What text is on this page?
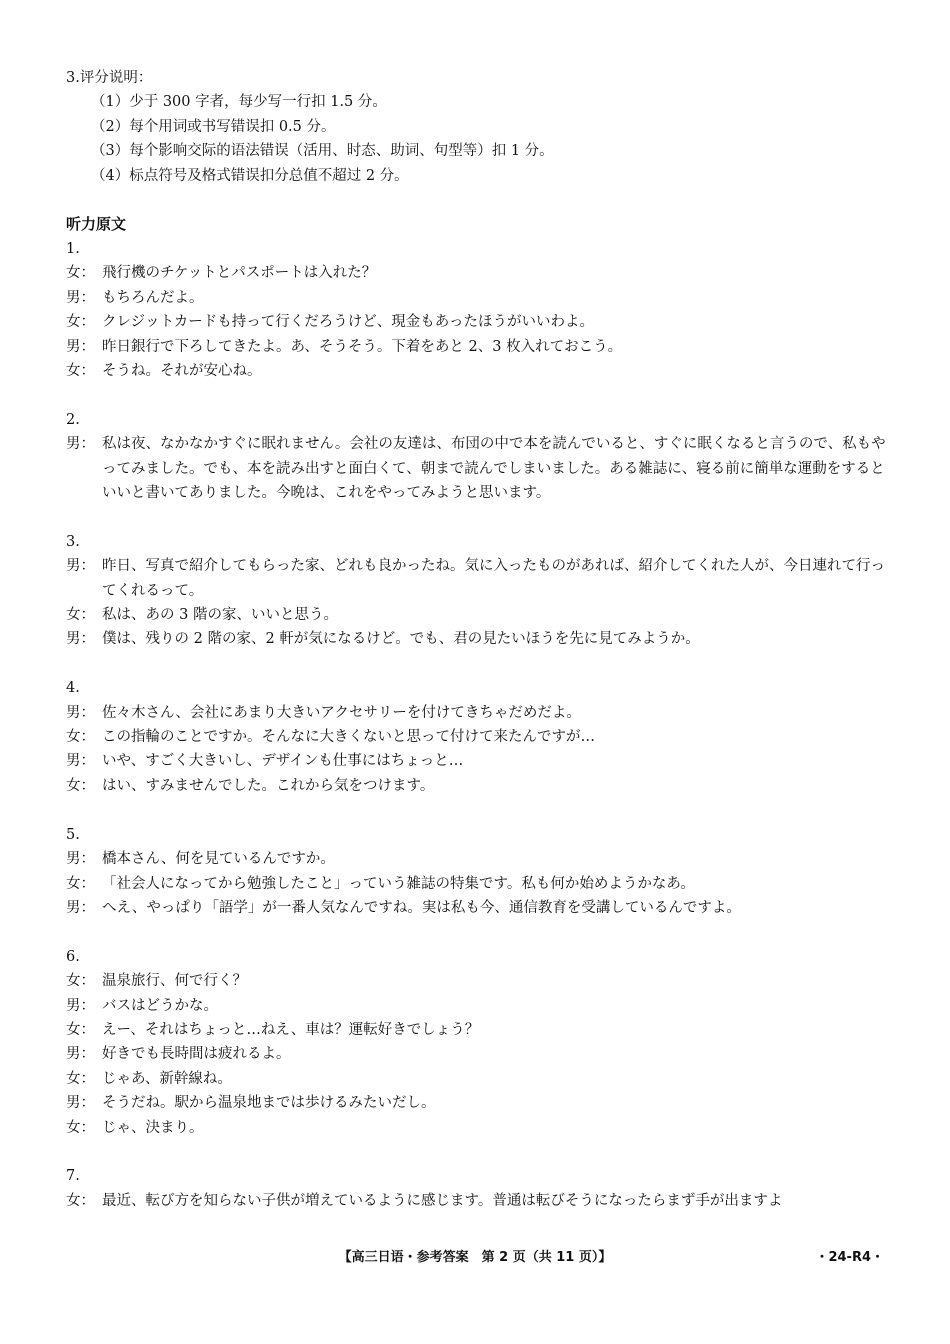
3.评分说明：
（1）少于 300 字者，每少写一行扣 1.5 分。
（2）每个用词或书写错误扣 0.5 分。
（3）每个影响交际的语法错误（活用、时态、助词、句型等）扣 1 分。
（4）标点符号及格式错误扣分总值不超过 2 分。
听力原文
1.
女： 飛行機のチケットとパスポートは入れた？
男： もちろんだよ。
女： クレジットカードも持って行くだろうけど、現金もあったほうがいいわよ。
男： 昨日銀行で下ろしてきたよ。あ、そうそう。下着をあと 2、3 枚入れておこう。
女： そうね。それが安心ね。
2.
男： 私は夜、なかなかすぐに眠れません。会社の友達は、布団の中で本を読んでいると、すぐに眠くなると言うので、私もやってみました。でも、本を読み出すと面白くて、朝まで読んでしまいました。ある雑誌に、寝る前に簡単な運動をするといいと書いてありました。今晩は、これをやってみようと思います。
3.
男： 昨日、写真で紹介してもらった家、どれも良かったね。気に入ったものがあれば、紹介してくれた人が、今日連れて行ってくれるって。
女： 私は、あの 3 階の家、いいと思う。
男： 僕は、残りの 2 階の家、2 軒が気になるけど。でも、君の見たいほうを先に見てみようか。
4.
男： 佐々木さん、会社にあまり大きいアクセサリーを付けてきちゃだめだよ。
女： この指輪のことですか。そんなに大きくないと思って付けて来たんですが…
男： いや、すごく大きいし、デザインも仕事にはちょっと…
女： はい、すみませんでした。これから気をつけます。
5.
男： 橋本さん、何を見ているんですか。
女： 「社会人になってから勉強したこと」っていう雑誌の特集です。私も何か始めようかなあ。
男： へえ、やっぱり「語学」が一番人気なんですね。実は私も今、通信教育を受講しているんですよ。
6.
女： 温泉旅行、何で行く？
男： バスはどうかな。
女： えー、それはちょっと…ねえ、車は？運転好きでしょう？
男： 好きでも長時間は疲れるよ。
女： じゃあ、新幹線ね。
男： そうだね。駅から温泉地までは歩けるみたいだし。
女： じゃ、決まり。
7.
女： 最近、転び方を知らない子供が増えているように感じます。普通は転びそうになったらまず手が出ますよ
【高三日语・参考答案　第 2 页（共 11 页）】	・24-R4・
